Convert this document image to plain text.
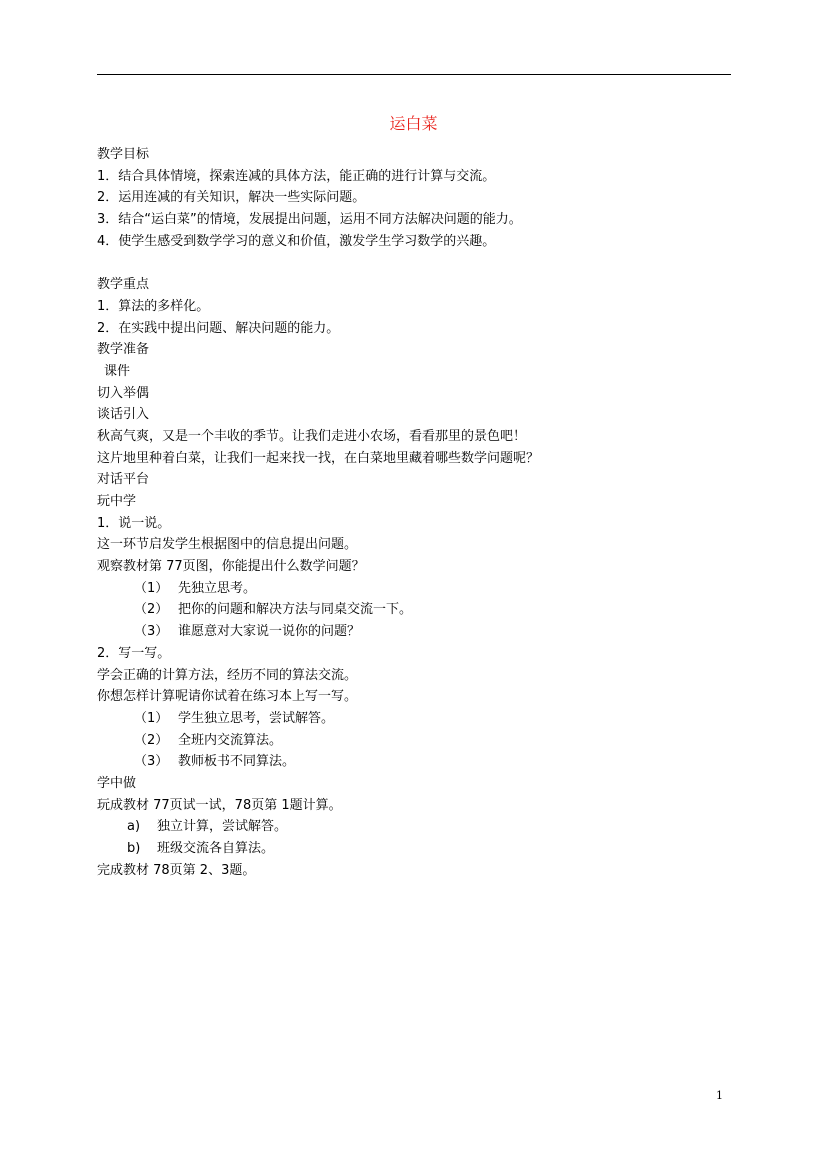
运白菜
教学目标
1．结合具体情境，探索连减的具体方法，能正确的进行计算与交流。
2．运用连减的有关知识，解决一些实际问题。
3．结合“运白菜”的情境，发展提出问题，运用不同方法解决问题的能力。
4．使学生感受到数学学习的意义和价值，激发学生学习数学的兴趣。
教学重点
1．算法的多样化。
2．在实践中提出问题、解决问题的能力。
教学准备
课件
切入举偶
谈话引入
秋高气爽，又是一个丰收的季节。让我们走进小农场，看看那里的景色吧！
这片地里种着白菜，让我们一起来找一找，在白菜地里藏着哪些数学问题呢？
对话平台
玩中学
1．说一说。
这一环节启发学生根据图中的信息提出问题。
观察教材第 77页图，你能提出什么数学问题？
（1） 先独立思考。
（2） 把你的问题和解决方法与同桌交流一下。
（3） 谁愿意对大家说一说你的问题？
2．写一写。
学会正确的计算方法，经历不同的算法交流。
你想怎样计算呢请你试着在练习本上写一写。
（1） 学生独立思考，尝试解答。
（2） 全班内交流算法。
（3） 教师板书不同算法。
学中做
玩成教材 77页试一试，78页第 1题计算。
a) 独立计算，尝试解答。
b) 班级交流各自算法。
完成教材 78页第 2、3题。
1
